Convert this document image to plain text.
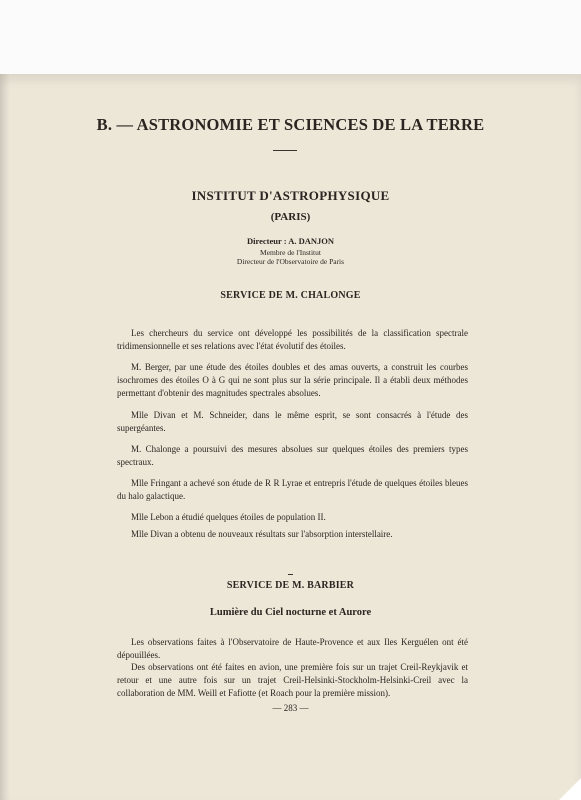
B. — ASTRONOMIE ET SCIENCES DE LA TERRE
INSTITUT D'ASTROPHYSIQUE
(PARIS)
Directeur : A. DANJON
Membre de l'Institut
Directeur de l'Observatoire de Paris
SERVICE DE M. CHALONGE

Les chercheurs du service ont développé les possibilités de la classification spectrale tridimensionnelle et ses relations avec l'état évolutif des étoiles.

M. Berger, par une étude des étoiles doubles et des amas ouverts, a construit les courbes isochromes des étoiles O à G qui ne sont plus sur la série principale. Il a établi deux méthodes permettant d'obtenir des magnitudes spectrales absolues.

Mlle Divan et M. Schneider, dans le même esprit, se sont consacrés à l'étude des supergéantes.

M. Chalonge a poursuivi des mesures absolues sur quelques étoiles des premiers types spectraux.

Mlle Fringant a achevé son étude de R R Lyrae et entrepris l'étude de quelques étoiles bleues du halo galactique.

Mlle Lebon a étudié quelques étoiles de population II.

Mlle Divan a obtenu de nouveaux résultats sur l'absorption interstellaire.

SERVICE DE M. BARBIER
Lumière du Ciel nocturne et Aurore

Les observations faites à l'Observatoire de Haute-Provence et aux Iles Kerguélen ont été dépouillées.

Des observations ont été faites en avion, une première fois sur un trajet Creil-Reykjavik et retour et une autre fois sur un trajet Creil-Helsinki-Stockholm-Helsinki-Creil avec la collaboration de MM. Weill et Fafiotte (et Roach pour la première mission).

— 283 —
